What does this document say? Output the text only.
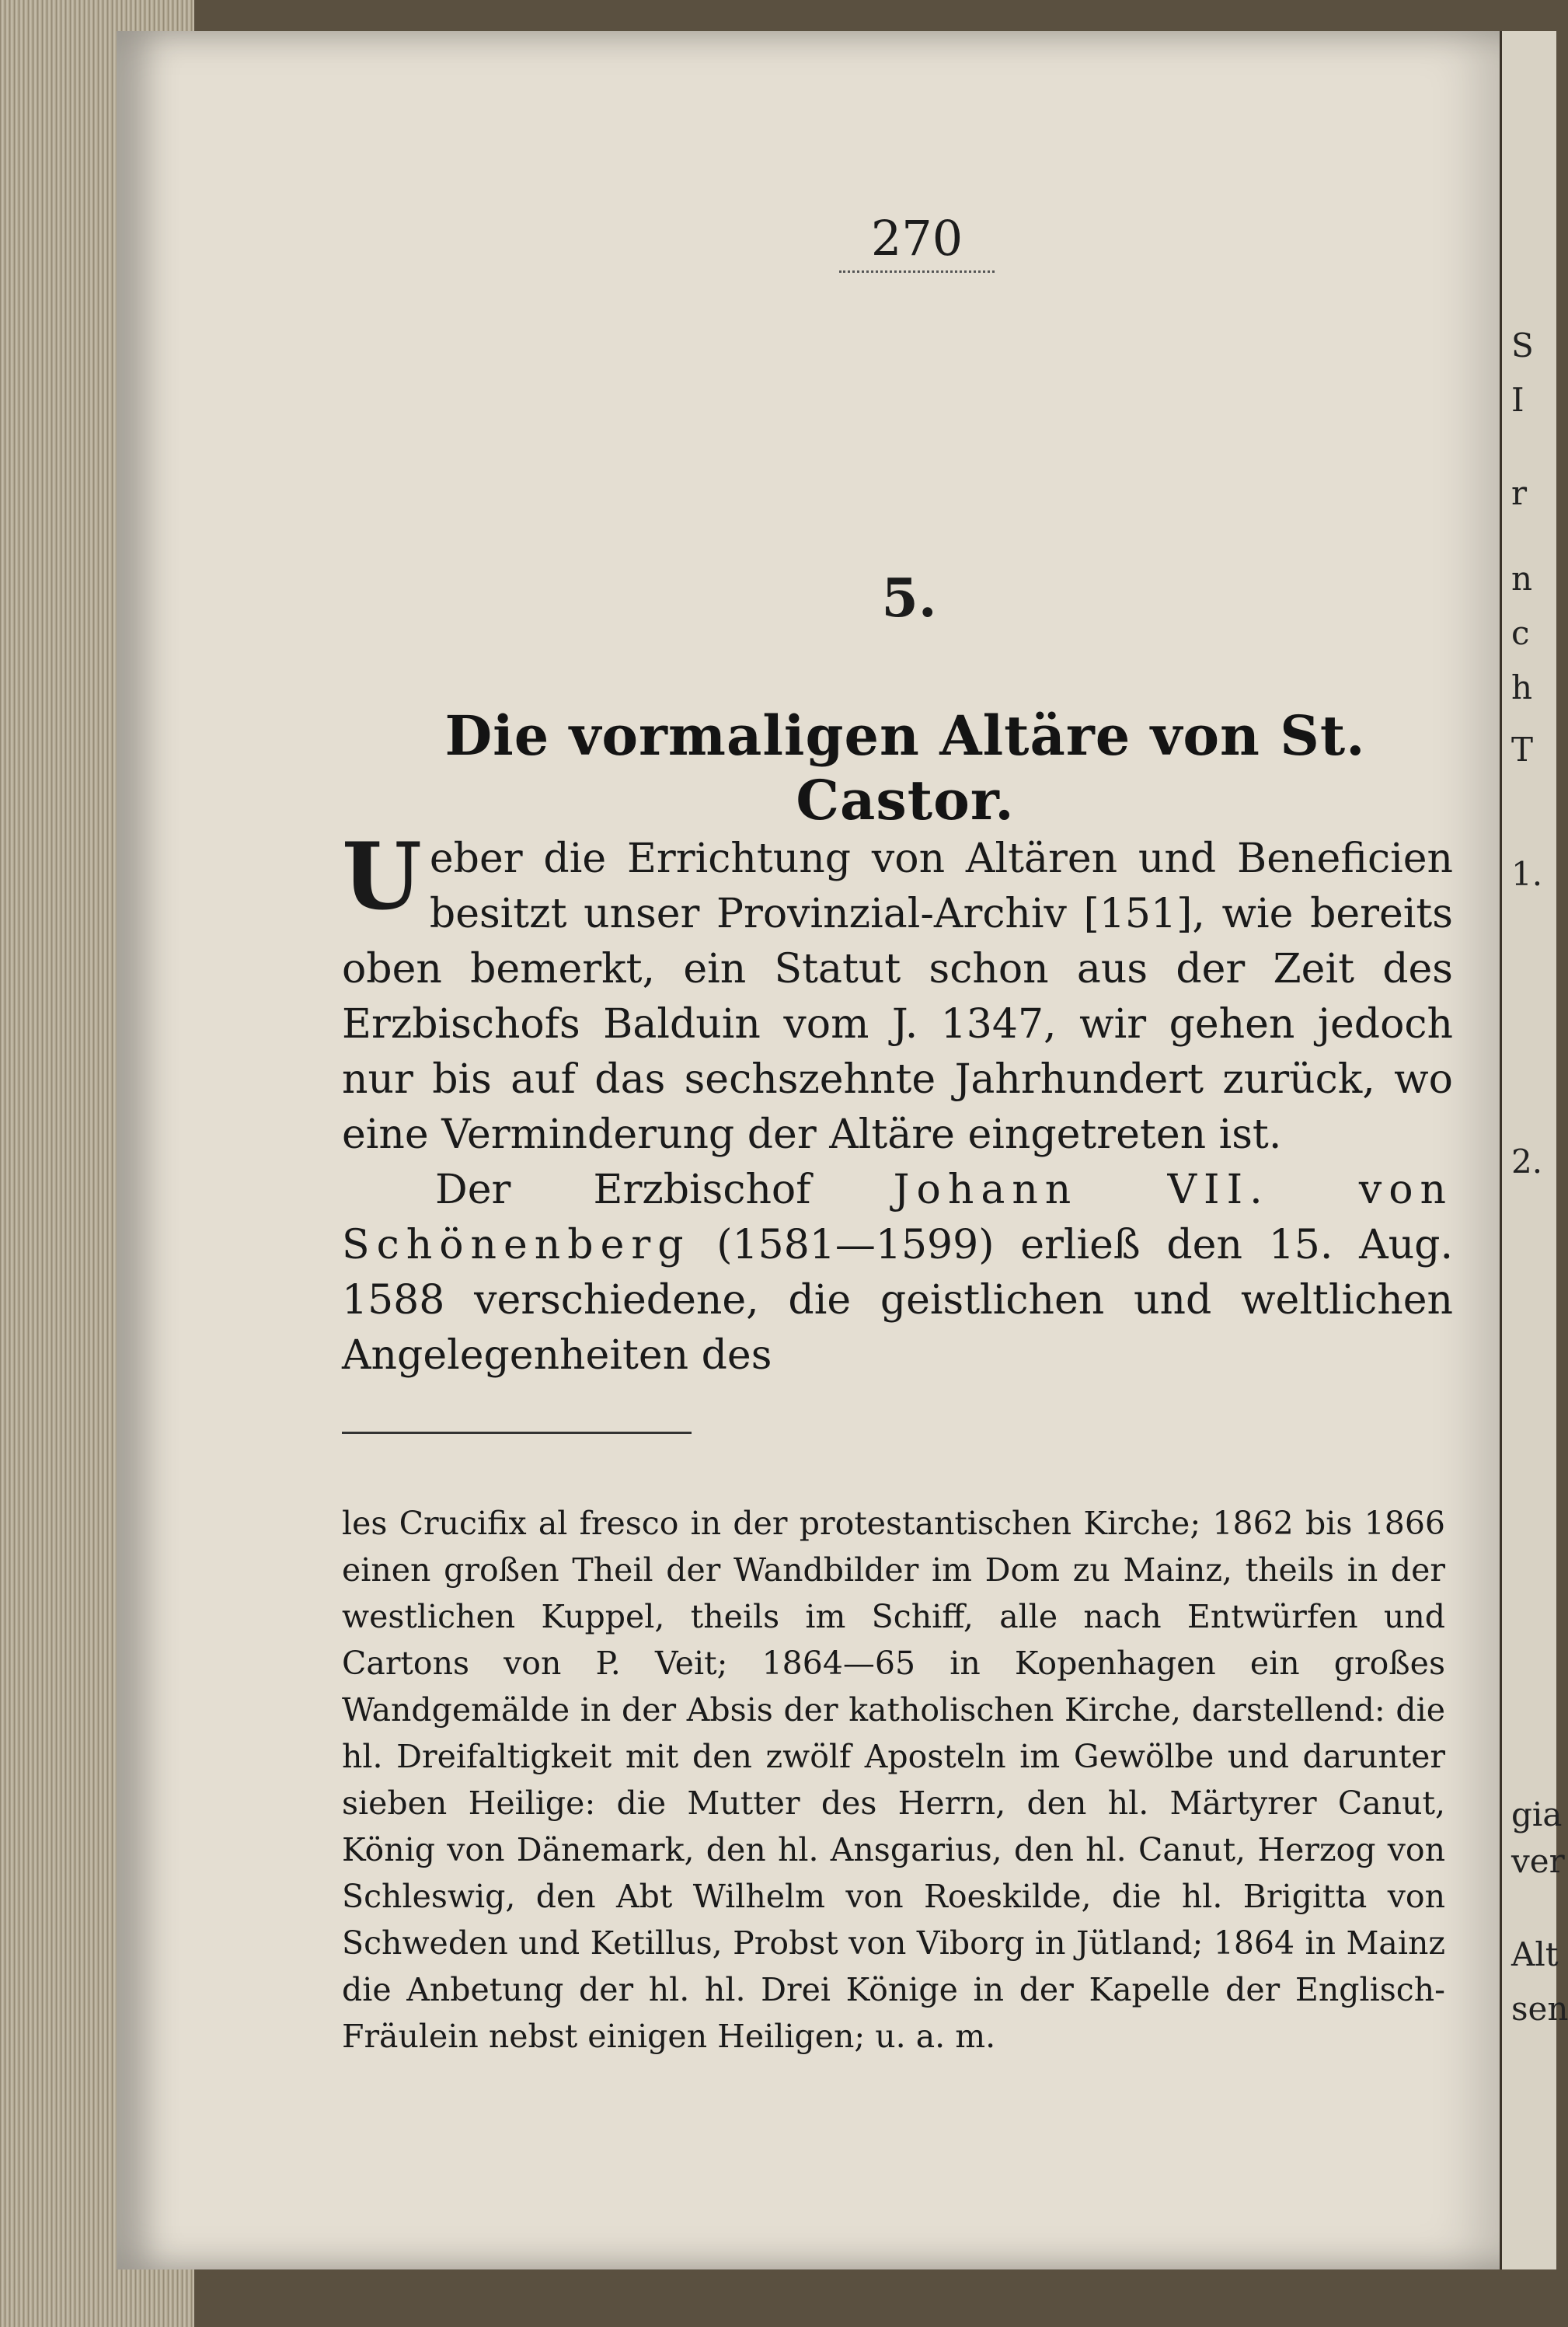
270
5.
Die vormaligen Altäre von St. Castor.

Ueber die Errichtung von Altären und Beneficien besitzt unser Provinzial-Archiv [151], wie bereits oben bemerkt, ein Statut schon aus der Zeit des Erzbischofs Balduin vom J. 1347, wir gehen jedoch nur bis auf das sechszehnte Jahrhundert zurück, wo eine Verminderung der Altäre eingetreten ist.

Der Erzbischof Johann VII. von Schönenberg (1581—1599) erließ den 15. Aug. 1588 verschiedene, die geistlichen und weltlichen Angelegenheiten des

les Crucifix al fresco in der protestantischen Kirche; 1862 bis 1866 einen großen Theil der Wandbilder im Dom zu Mainz, theils in der westlichen Kuppel, theils im Schiff, alle nach Entwürfen und Cartons von P. Veit; 1864—65 in Kopenhagen ein großes Wandgemälde in der Absis der katholischen Kirche, darstellend: die hl. Dreifaltigkeit mit den zwölf Aposteln im Gewölbe und darunter sieben Heilige: die Mutter des Herrn, den hl. Märtyrer Canut, König von Dänemark, den hl. Ansgarius, den hl. Canut, Herzog von Schleswig, den Abt Wilhelm von Roeskilde, die hl. Brigitta von Schweden und Ketillus, Probst von Viborg in Jütland; 1864 in Mainz die Anbetung der hl. hl. Drei Könige in der Kapelle der Englisch-Fräulein nebst einigen Heiligen; u. a. m.

S
I
r
n
c
h
T
1.
2.
gia
ver
Alt
sen
